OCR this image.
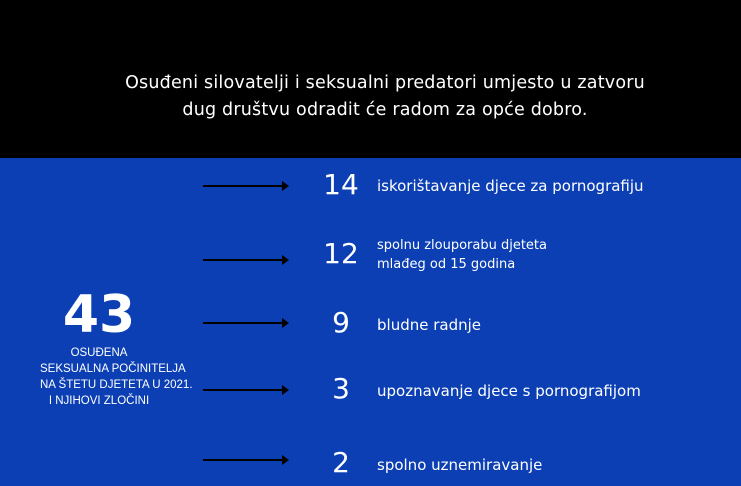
Osuđeni silovatelji i seksualni predatori umjesto u zatvoru
dug društvu odradit će radom za opće dobro.
43
OSUĐENA
SEKSUALNA POČINITELJA
NA ŠTETU DJETETA U 2021.
I NJIHOVI ZLOČINI
14	iskorištavanje djece za pornografiju
12	spolnu zlouporabu djeteta
mlađeg od 15 godina
9	bludne radnje
3	upoznavanje djece s pornografijom
2	spolno uznemiravanje
